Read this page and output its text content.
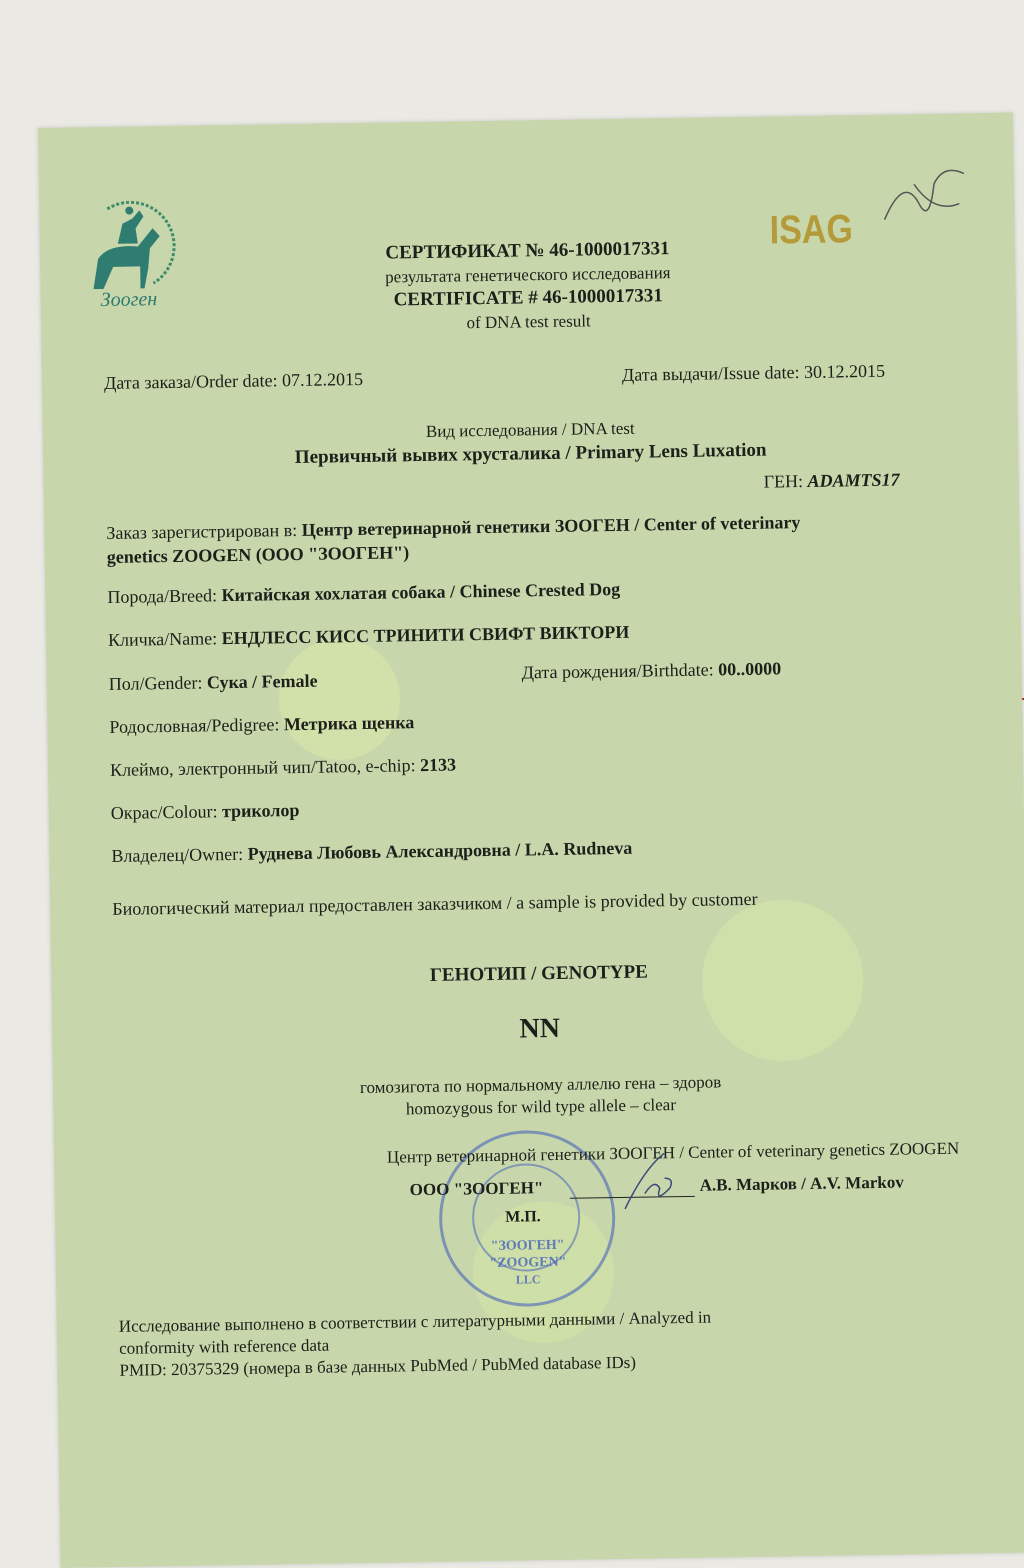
Зооген
ISAG
СЕРТИФИКАТ № 46-1000017331
результата генетического исследования
CERTIFICATE # 46-1000017331
of DNA test result
Дата заказа/Order date: 07.12.2015	Дата выдачи/Issue date: 30.12.2015
Вид исследования / DNA test
Первичный вывих хрусталика / Primary Lens Luxation
ГЕН: ADAMTS17
Заказ зарегистрирован в: Центр ветеринарной генетики ЗООГЕН / Center of veterinary
genetics ZOOGEN (ООО "ЗООГЕН")
Порода/Breed: Китайская хохлатая собака / Chinese Crested Dog
Кличка/Name: ЕНДЛЕСС КИСС ТРИНИТИ СВИФТ ВИКТОРИ
Пол/Gender: Сука / Female	Дата рождения/Birthdate: 00..0000
Родословная/Pedigree: Метрика щенка
Клеймо, электронный чип/Tatoo, e-chip: 2133
Окрас/Colour: триколор
Владелец/Owner: Руднева Любовь Александровна / L.A. Rudneva
Биологический материал предоставлен заказчиком / a sample is provided by customer
ГЕНОТИП / GENOTYPE
NN
гомозигота по нормальному аллелю гена – здоров
homozygous for wild type allele – clear
"ЗООГЕН"
"ZOOGEN"
LLC
Центр ветеринарной генетики ЗООГЕН / Center of veterinary genetics ZOOGEN
ООО "ЗООГЕН"	А.В. Марков / A.V. Markov
М.П.
Исследование выполнено в соответствии с литературными данными / Analyzed in
conformity with reference data
PMID: 20375329 (номера в базе данных PubMed / PubMed database IDs)
